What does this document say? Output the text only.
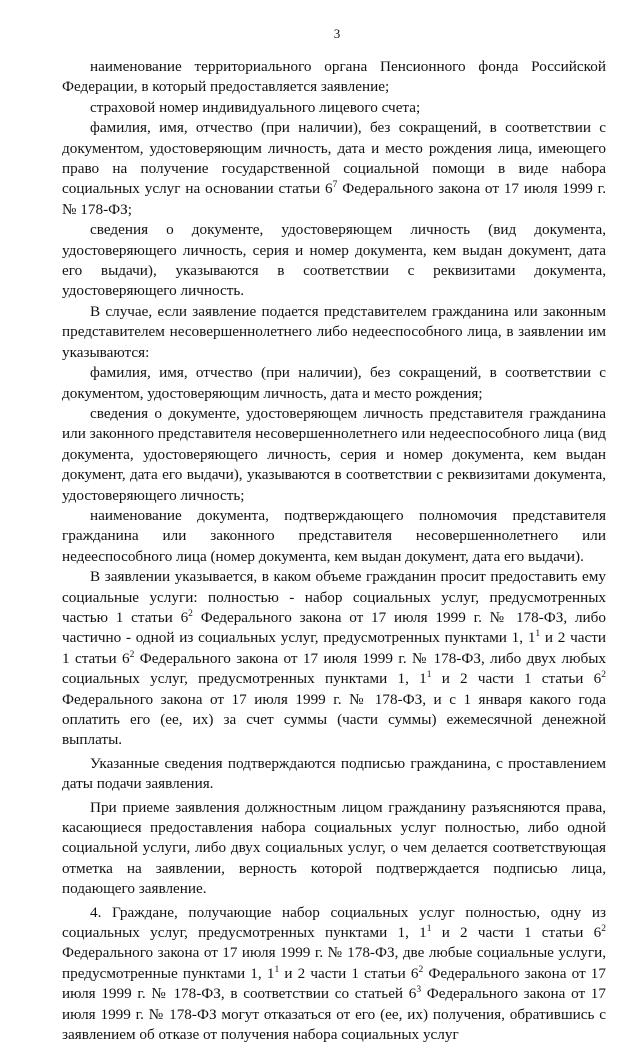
3

наименование территориального органа Пенсионного фонда Российской Федерации, в который предоставляется заявление;

страховой номер индивидуального лицевого счета;

фамилия, имя, отчество (при наличии), без сокращений, в соответствии с документом, удостоверяющим личность, дата и место рождения лица, имеющего право на получение государственной социальной помощи в виде набора социальных услуг на основании статьи $6^7$ Федерального закона от 17 июля 1999 г. № 178-ФЗ;

сведения о документе, удостоверяющем личность (вид документа, удостоверяющего личность, серия и номер документа, кем выдан документ, дата его выдачи), указываются в соответствии с реквизитами документа, удостоверяющего личность.

В случае, если заявление подается представителем гражданина или законным представителем несовершеннолетнего либо недееспособного лица, в заявлении им указываются:

фамилия, имя, отчество (при наличии), без сокращений, в соответствии с документом, удостоверяющим личность, дата и место рождения;

сведения о документе, удостоверяющем личность представителя гражданина или законного представителя несовершеннолетнего или недееспособного лица (вид документа, удостоверяющего личность, серия и номер документа, кем выдан документ, дата его выдачи), указываются в соответствии с реквизитами документа, удостоверяющего личность;

наименование документа, подтверждающего полномочия представителя гражданина или законного представителя несовершеннолетнего или недееспособного лица (номер документа, кем выдан документ, дата его выдачи).

В заявлении указывается, в каком объеме гражданин просит предоставить ему социальные услуги: полностью - набор социальных услуг, предусмотренных частью 1 статьи $6^2$ Федерального закона от 17 июля 1999 г. № 178-ФЗ, либо частично - одной из социальных услуг, предусмотренных пунктами 1, $1^1$ и 2 части 1 статьи $6^2$ Федерального закона от 17 июля 1999 г. № 178-ФЗ, либо двух любых социальных услуг, предусмотренных пунктами 1, $1^1$ и 2 части 1 статьи $6^2$ Федерального закона от 17 июля 1999 г. № 178-ФЗ, и с 1 января какого года оплатить его (ее, их) за счет суммы (части суммы) ежемесячной денежной выплаты.

Указанные сведения подтверждаются подписью гражданина, с проставлением даты подачи заявления.

При приеме заявления должностным лицом гражданину разъясняются права, касающиеся предоставления набора социальных услуг полностью, либо одной социальной услуги, либо двух социальных услуг, о чем делается соответствующая отметка на заявлении, верность которой подтверждается подписью лица, подающего заявление.

4. Граждане, получающие набор социальных услуг полностью, одну из социальных услуг, предусмотренных пунктами 1, $1^1$ и 2 части 1 статьи $6^2$ Федерального закона от 17 июля 1999 г. № 178-ФЗ, две любые социальные услуги, предусмотренные пунктами 1, $1^1$ и 2 части 1 статьи $6^2$ Федерального закона от 17 июля 1999 г. № 178-ФЗ, в соответствии со статьей $6^3$ Федерального закона от 17 июля 1999 г. № 178-ФЗ могут отказаться от его (ее, их) получения, обратившись с заявлением об отказе от получения набора социальных услуг
